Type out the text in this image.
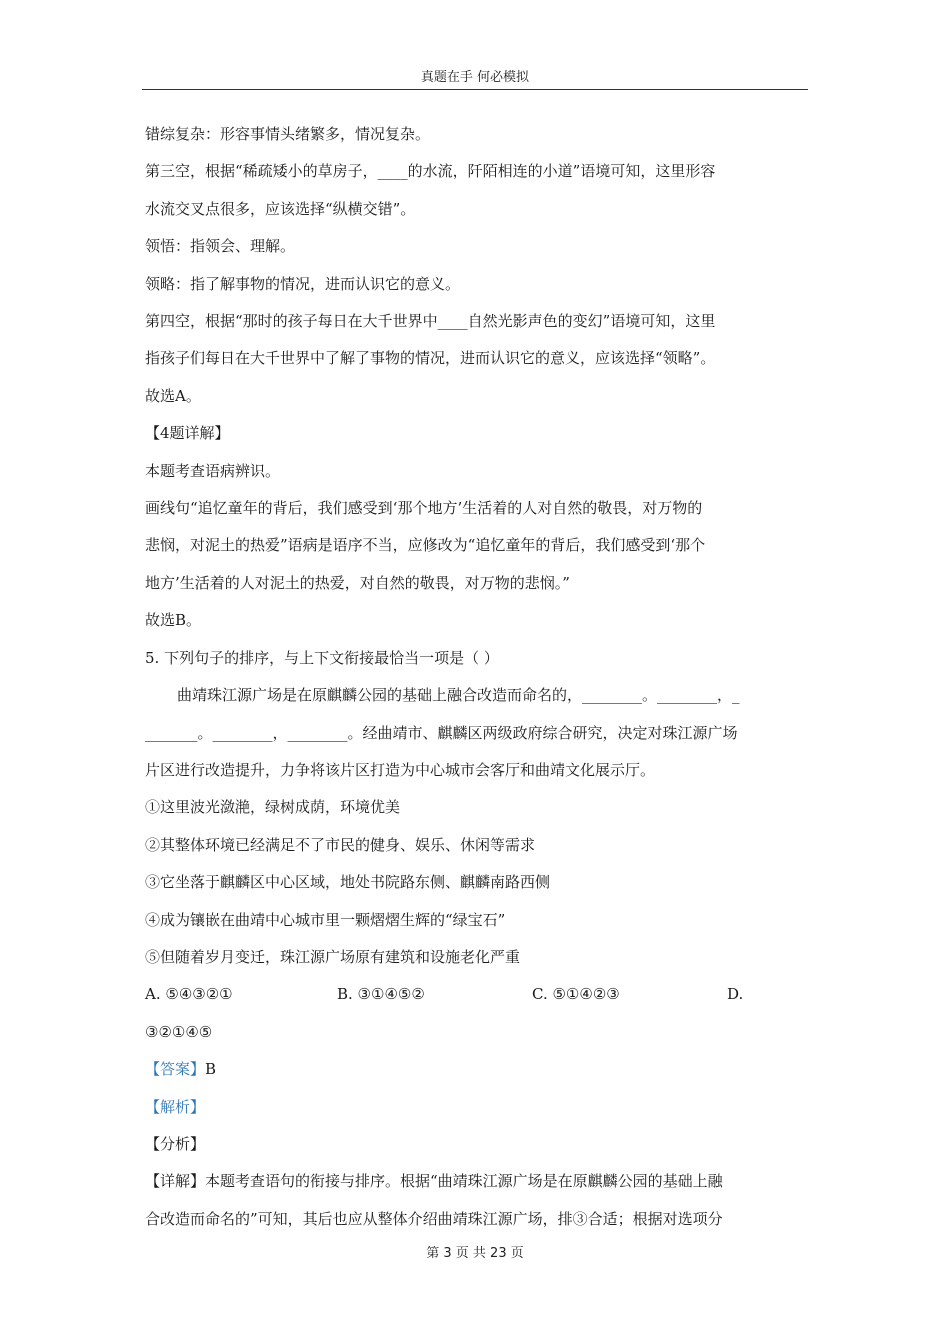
真题在手 何必模拟

错综复杂：形容事情头绪繁多，情况复杂。

第三空，根据“稀疏矮小的草房子，____的水流，阡陌相连的小道”语境可知，这里形容

水流交叉点很多，应该选择“纵横交错”。

领悟：指领会、理解。

领略：指了解事物的情况，进而认识它的意义。

第四空，根据“那时的孩子每日在大千世界中____自然光影声色的变幻”语境可知，这里

指孩子们每日在大千世界中了解了事物的情况，进而认识它的意义，应该选择“领略”。

故选A。

【4题详解】

本题考查语病辨识。

画线句“追忆童年的背后，我们感受到‘那个地方’生活着的人对自然的敬畏，对万物的

悲悯，对泥土的热爱”语病是语序不当，应修改为“追忆童年的背后，我们感受到‘那个

地方’生活着的人对泥土的热爱，对自然的敬畏，对万物的悲悯。”

故选B。

5. 下列句子的排序，与上下文衔接最恰当一项是（ ）

曲靖珠江源广场是在原麒麟公园的基础上融合改造而命名的，________。________，_

_______。________，________。经曲靖市、麒麟区两级政府综合研究，决定对珠江源广场

片区进行改造提升，力争将该片区打造为中心城市会客厅和曲靖文化展示厅。

①这里波光潋滟，绿树成荫，环境优美

②其整体环境已经满足不了市民的健身、娱乐、休闲等需求

③它坐落于麒麟区中心区域，地处书院路东侧、麒麟南路西侧

④成为镶嵌在曲靖中心城市里一颗熠熠生辉的“绿宝石”

⑤但随着岁月变迁，珠江源广场原有建筑和设施老化严重

A. ⑤④③②①	B. ③①④⑤②	C. ⑤①④②③	D.

③②①④⑤

【答案】B

【解析】

【分析】

【详解】本题考查语句的衔接与排序。根据“曲靖珠江源广场是在原麒麟公园的基础上融

合改造而命名的”可知，其后也应从整体介绍曲靖珠江源广场，排③合适；根据对选项分

第 3 页 共 23 页
